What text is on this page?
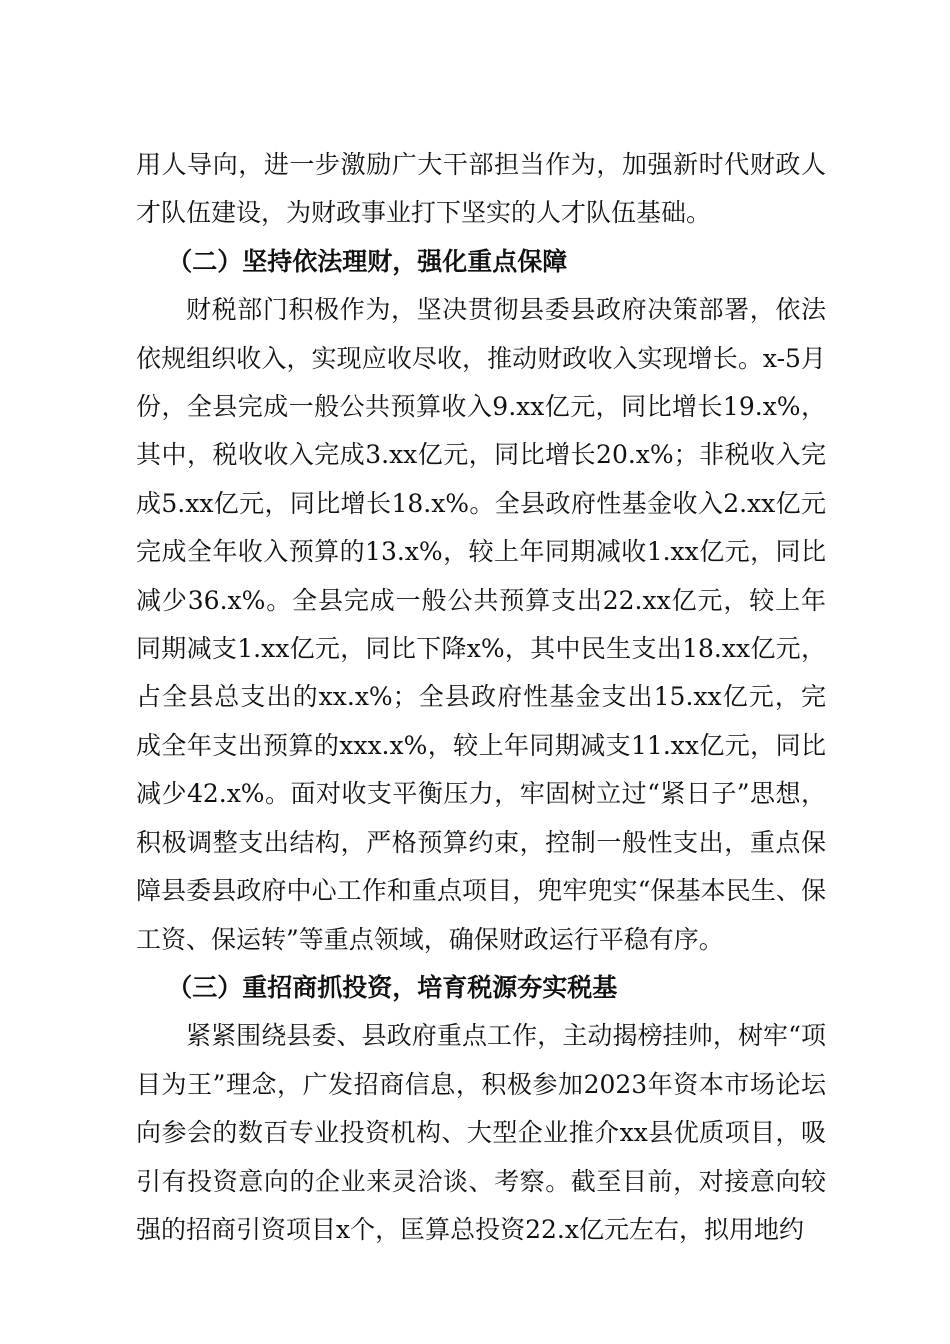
用人导向，进一步激励广大干部担当作为，加强新时代财政人才队伍建设，为财政事业打下坚实的人才队伍基础。

（二）坚持依法理财，强化重点保障

财税部门积极作为，坚决贯彻县委县政府决策部署，依法依规组织收入，实现应收尽收，推动财政收入实现增长。x-5月份，全县完成一般公共预算收入9.xx亿元，同比增长19.x%，其中，税收收入完成3.xx亿元，同比增长20.x%；非税收入完成5.xx亿元，同比增长18.x%。全县政府性基金收入2.xx亿元完成全年收入预算的13.x%，较上年同期减收1.xx亿元，同比减少36.x%。全县完成一般公共预算支出22.xx亿元，较上年同期减支1.xx亿元，同比下降x%，其中民生支出18.xx亿元，占全县总支出的xx.x%；全县政府性基金支出15.xx亿元，完成全年支出预算的xxx.x%，较上年同期减支11.xx亿元，同比减少42.x%。面对收支平衡压力，牢固树立过“紧日子”思想，积极调整支出结构，严格预算约束，控制一般性支出，重点保障县委县政府中心工作和重点项目，兜牢兜实“保基本民生、保工资、保运转”等重点领域，确保财政运行平稳有序。

（三）重招商抓投资，培育税源夯实税基

紧紧围绕县委、县政府重点工作，主动揭榜挂帅，树牢“项目为王”理念，广发招商信息，积极参加2023年资本市场论坛向参会的数百专业投资机构、大型企业推介xx县优质项目，吸引有投资意向的企业来灵洽谈、考察。截至目前，对接意向较强的招商引资项目x个，匡算总投资22.x亿元左右，拟用地约
